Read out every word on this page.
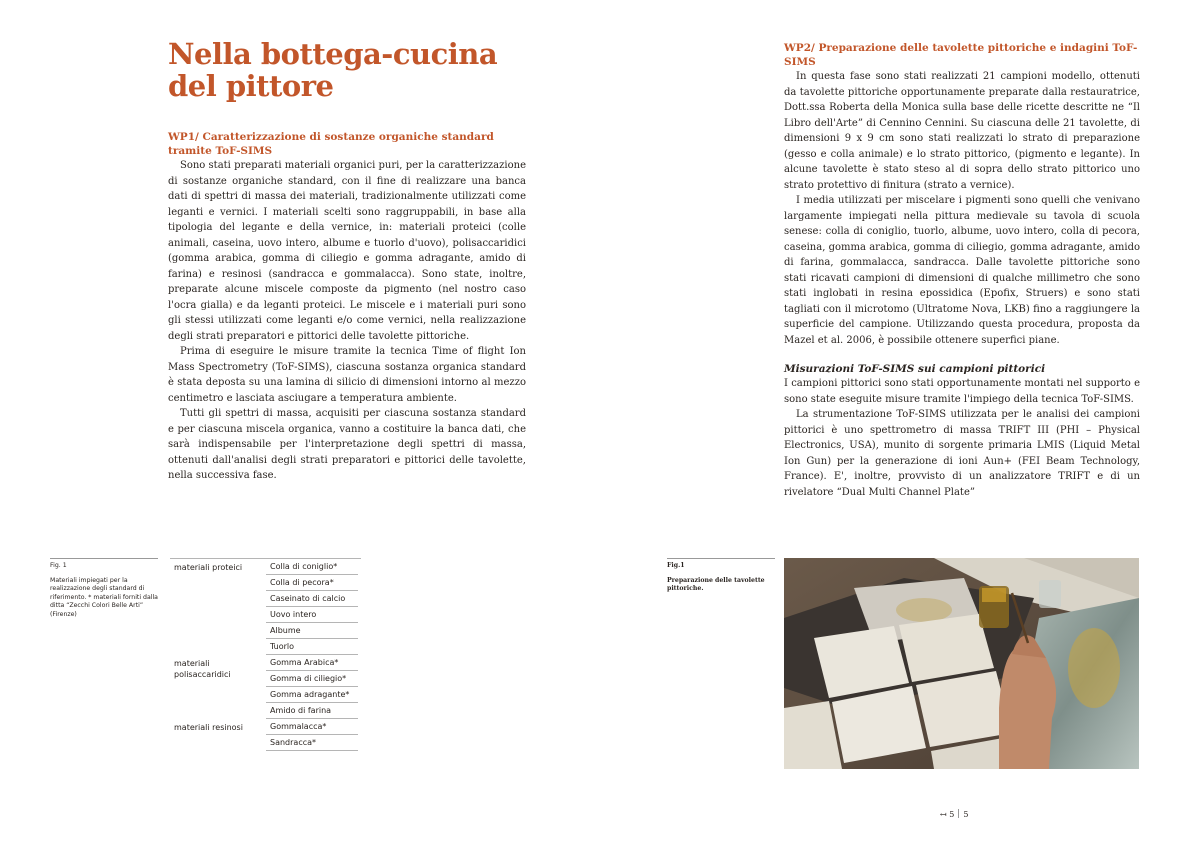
Nella bottega-cucina
del pittore
WP1/ Caratterizzazione di sostanze organiche standard
tramite ToF-SIMS

Sono stati preparati materiali organici puri, per la caratterizzazione di sostanze organiche standard, con il fine di realizzare una banca dati di spettri di massa dei materiali, tradizionalmente utilizzati come leganti e vernici. I materiali scelti sono raggruppabili, in base alla tipologia del legante e della vernice, in: materiali proteici (colle animali, caseina, uovo intero, albume e tuorlo d'uovo), polisaccaridici (gomma arabica, gomma di ciliegio e gomma adragante, amido di farina) e resinosi (sandracca e gommalacca). Sono state, inoltre, preparate alcune miscele composte da pigmento (nel nostro caso l'ocra gialla) e da leganti proteici. Le miscele e i materiali puri sono gli stessi utilizzati come leganti e/o come vernici, nella realizzazione degli strati preparatori e pittorici delle tavolette pittoriche.

Prima di eseguire le misure tramite la tecnica Time of flight Ion Mass Spectrometry (ToF-SIMS), ciascuna sostanza organica standard è stata deposta su una lamina di silicio di dimensioni intorno al mezzo centimetro e lasciata asciugare a temperatura ambiente.

Tutti gli spettri di massa, acquisiti per ciascuna sostanza standard e per ciascuna miscela organica, vanno a costituire la banca dati, che sarà indispensabile per l'interpretazione degli spettri di massa, ottenuti dall'analisi degli strati preparatori e pittorici delle tavolette, nella successiva fase.

WP2/ Preparazione delle tavolette pittoriche e indagini ToF-SIMS

In questa fase sono stati realizzati 21 campioni modello, ottenuti da tavolette pittoriche opportunamente preparate dalla restauratrice, Dott.ssa Roberta della Monica sulla base delle ricette descritte ne “Il Libro dell'Arte” di Cennino Cennini. Su ciascuna delle 21 tavolette, di dimensioni 9 x 9 cm sono stati realizzati lo strato di preparazione (gesso e colla animale) e lo strato pittorico, (pigmento e legante). In alcune tavolette è stato steso al di sopra dello strato pittorico uno strato protettivo di finitura (strato a vernice).

I media utilizzati per miscelare i pigmenti sono quelli che venivano largamente impiegati nella pittura medievale su tavola di scuola senese: colla di coniglio, tuorlo, albume, uovo intero, colla di pecora, caseina, gomma arabica, gomma di ciliegio, gomma adragante, amido di farina, gommalacca, sandracca. Dalle tavolette pittoriche sono stati ricavati campioni di dimensioni di qualche millimetro che sono stati inglobati in resina epossidica (Epofix, Struers) e sono stati tagliati con il microtomo (Ultratome Nova, LKB) fino a raggiungere la superficie del campione. Utilizzando questa procedura, proposta da Mazel et al. 2006, è possibile ottenere superfici piane.

Misurazioni ToF-SIMS sui campioni pittorici

I campioni pittorici sono stati opportunamente montati nel supporto e sono state eseguite misure tramite l'impiego della tecnica ToF-SIMS.

La strumentazione ToF-SIMS utilizzata per le analisi dei campioni pittorici è uno spettrometro di massa TRIFT III (PHI – Physical Electronics, USA), munito di sorgente primaria LMIS (Liquid Metal Ion Gun) per la generazione di ioni Aun+ (FEI Beam Technology, France). E', inoltre, provvisto di un analizzatore TRIFT e di un rivelatore “Dual Multi Channel Plate”

Fig. 1
Materiali impiegati per la realizzazione degli standard di riferimento. * materiali forniti dalla ditta “Zecchi Colori Belle Arti” (Firenze)
materiali proteici	Colla di coniglio*
	Colla di pecora*
	Caseinato di calcio
	Uovo intero
	Albume
	Tuorlo
materiali polisaccaridici	Gomma Arabica*
	Gomma di ciliegio*
	Gomma adragante*
	Amido di farina
materiali resinosi	Gommalacca*
	Sandracca*
Fig.1
Preparazione delle tavolette pittoriche.
↤ 5 5
